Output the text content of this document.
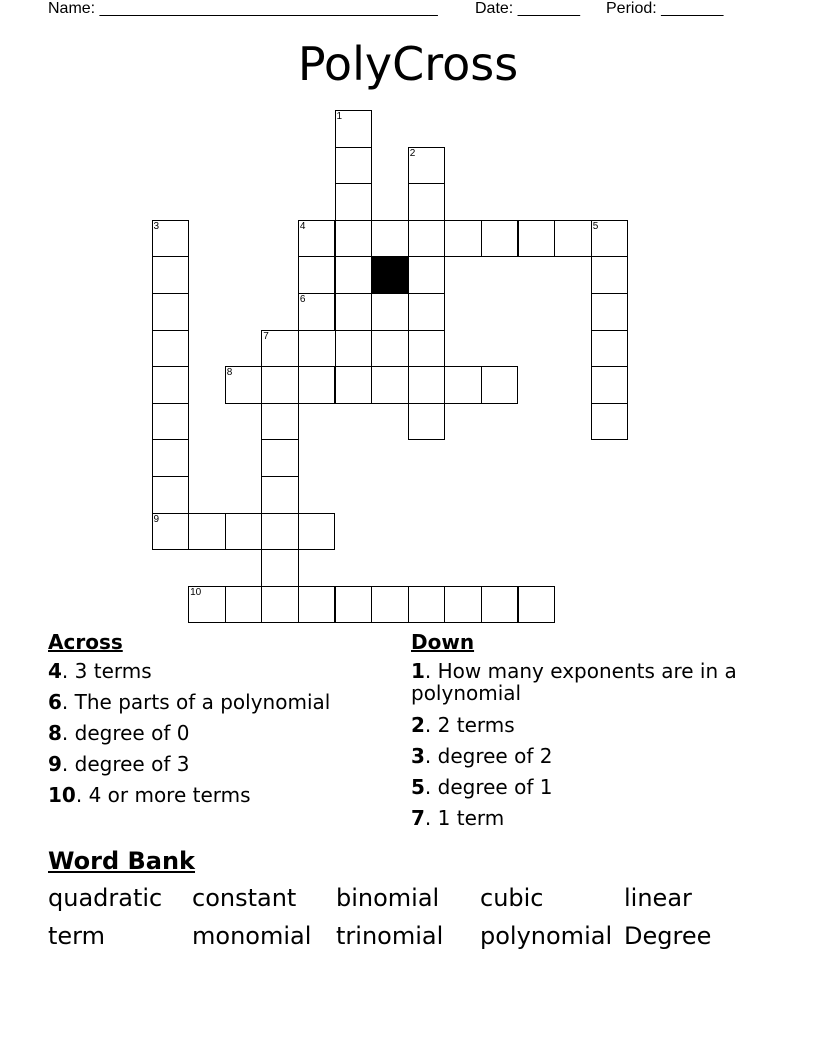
Name: ______________________________________ Date: _______ Period: _______
PolyCross
1
2
3
9
4	5
6
7
8
10
Across	Down
4. 3 terms
6. The parts of a polynomial
8. degree of 0
9. degree of 3
10. 4 or more terms
1. How many exponents are in a polynomial
2. 2 terms
3. degree of 2
5. degree of 1
7. 1 term
Word Bank
quadratic constant binomial cubic	linear
term	monomial trinomial polynomial Degree
